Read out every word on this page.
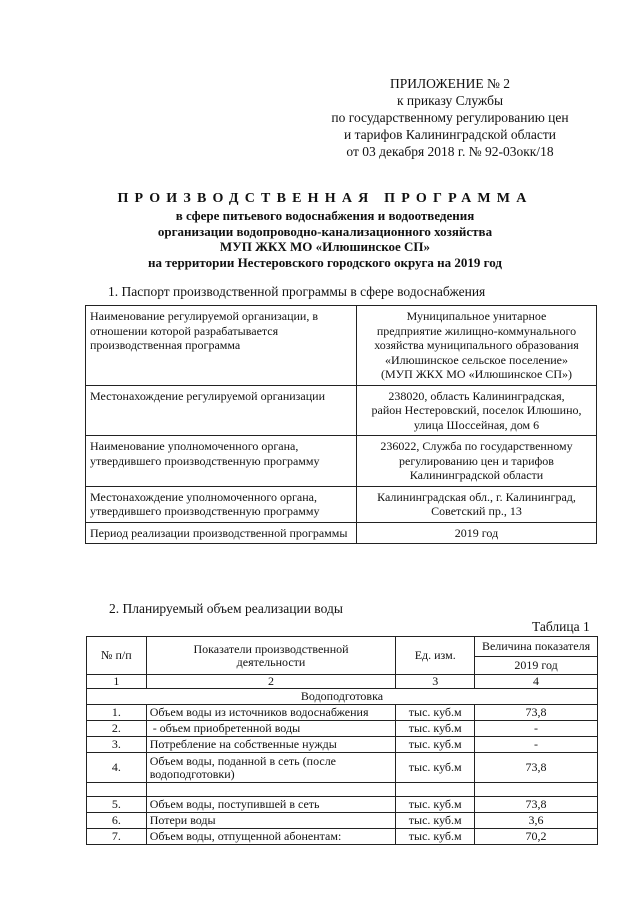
ПРИЛОЖЕНИЕ № 2
к приказу Службы
по государственному регулированию цен
и тарифов Калининградской области
от 03 декабря 2018 г. № 92-03окк/18
ПРОИЗВОДСТВЕННАЯ ПРОГРАММА
в сфере питьевого водоснабжения и водоотведения
организации водопроводно-канализационного хозяйства
МУП ЖКХ МО «Илюшинское СП»
на территории Нестеровского городского округа на 2019 год
1. Паспорт производственной программы в сфере водоснабжения
Наименование регулируемой организации, в отношении которой разрабатывается производственная программа	Муниципальное унитарное
предприятие жилищно-коммунального
хозяйства муниципального образования
«Илюшинское сельское поселение»
(МУП ЖКХ МО «Илюшинское СП»)

Местонахождение регулируемой организации	238020, область Калининградская,
район Нестеровский, поселок Илюшино,
улица Шоссейная, дом 6

Наименование уполномоченного органа, утвердившего производственную программу	236022, Служба по государственному
регулированию цен и тарифов
Калининградской области

Местонахождение уполномоченного органа, утвердившего производственную программу	Калининградская обл., г. Калининград,
Советский пр., 13

Период реализации производственной программы	2019 год
2. Планируемый объем реализации воды
Таблица 1
№ п/п	Показатели производственной деятельности	Ед. изм.	Величина показателя
			2019 год
1	2	3	4
Водоподготовка			
1.	Объем воды из источников водоснабжения	тыс. куб.м	73,8
2.	- объем приобретенной воды	тыс. куб.м	-
3.	Потребление на собственные нужды	тыс. куб.м	-
4.	Объем воды, поданной в сеть (после водоподготовки)	тыс. куб.м	73,8

5.	Объем воды, поступившей в сеть	тыс. куб.м	73,8
6.	Потери воды	тыс. куб.м	3,6
7.	Объем воды, отпущенной абонентам:	тыс. куб.м	70,2
